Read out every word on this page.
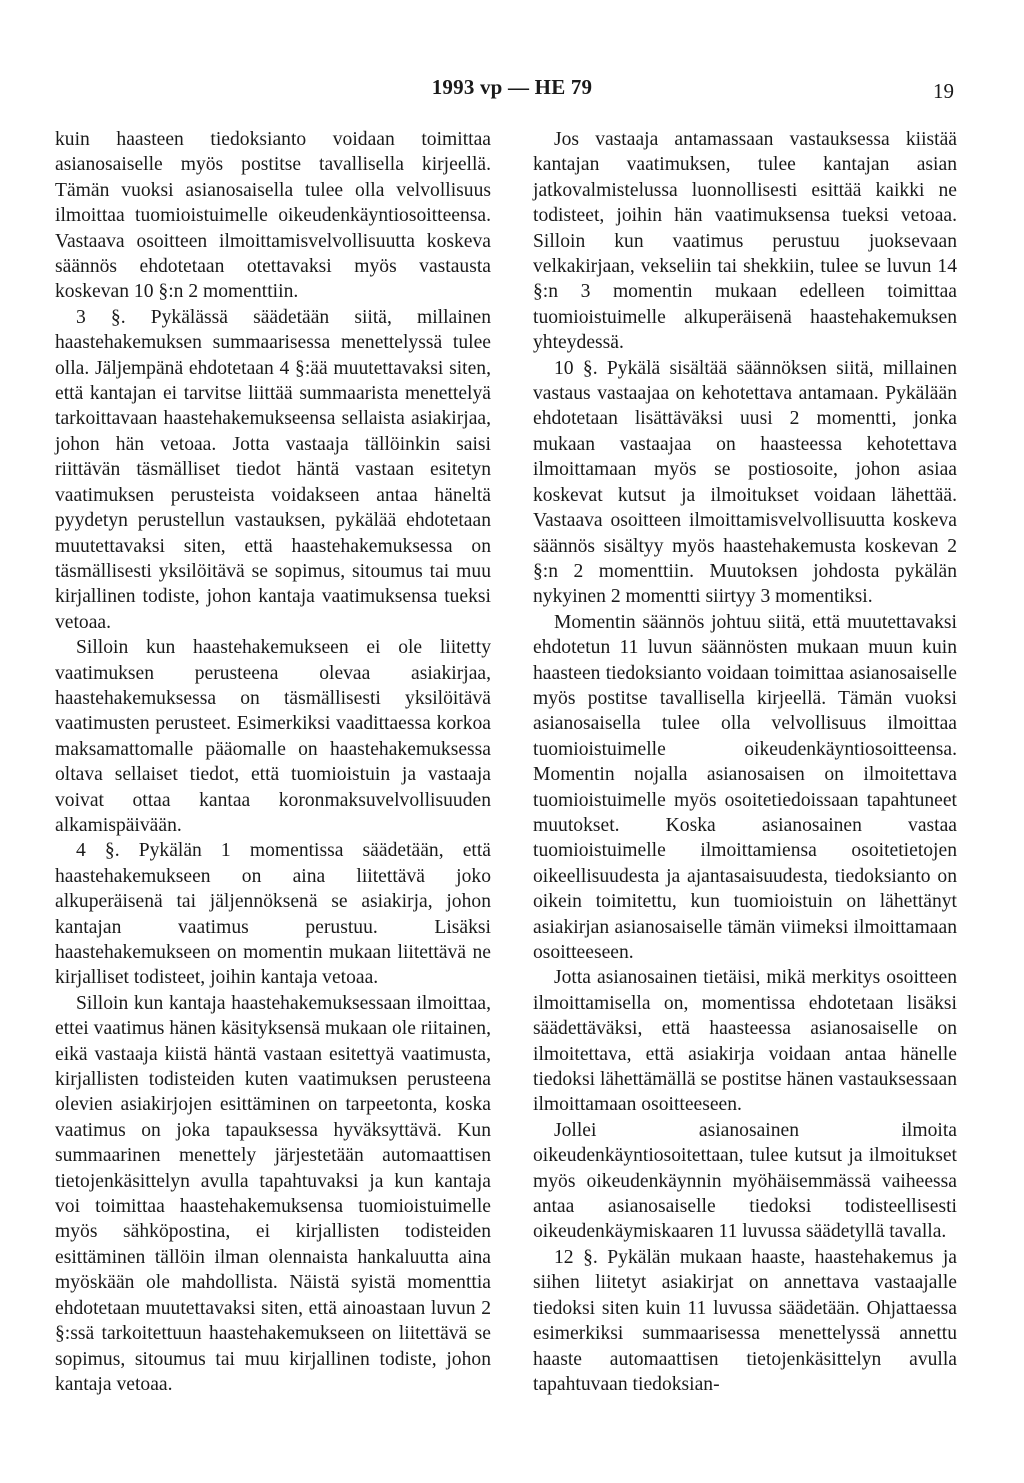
1993 vp — HE 79	19

kuin haasteen tiedoksianto voidaan toimittaa asianosaiselle myös postitse tavallisella kirjeellä. Tämän vuoksi asianosaisella tulee olla velvollisuus ilmoittaa tuomioistuimelle oikeudenkäyntiosoitteensa. Vastaava osoitteen ilmoittamisvelvollisuutta koskeva säännös ehdotetaan otettavaksi myös vastausta koskevan 10 §:n 2 momenttiin.

3 §. Pykälässä säädetään siitä, millainen haastehakemuksen summaarisessa menettelyssä tulee olla. Jäljempänä ehdotetaan 4 §:ää muutettavaksi siten, että kantajan ei tarvitse liittää summaarista menettelyä tarkoittavaan haastehakemukseensa sellaista asiakirjaa, johon hän vetoaa. Jotta vastaaja tällöinkin saisi riittävän täsmälliset tiedot häntä vastaan esitetyn vaatimuksen perusteista voidakseen antaa häneltä pyydetyn perustellun vastauksen, pykälää ehdotetaan muutettavaksi siten, että haastehakemuksessa on täsmällisesti yksilöitävä se sopimus, sitoumus tai muu kirjallinen todiste, johon kantaja vaatimuksensa tueksi vetoaa.

Silloin kun haastehakemukseen ei ole liitetty vaatimuksen perusteena olevaa asiakirjaa, haastehakemuksessa on täsmällisesti yksilöitävä vaatimusten perusteet. Esimerkiksi vaadittaessa korkoa maksamattomalle pääomalle on haastehakemuksessa oltava sellaiset tiedot, että tuomioistuin ja vastaaja voivat ottaa kantaa koronmaksuvelvollisuuden alkamispäivään.

4 §. Pykälän 1 momentissa säädetään, että haastehakemukseen on aina liitettävä joko alkuperäisenä tai jäljennöksenä se asiakirja, johon kantajan vaatimus perustuu. Lisäksi haastehakemukseen on momentin mukaan liitettävä ne kirjalliset todisteet, joihin kantaja vetoaa.

Silloin kun kantaja haastehakemuksessaan ilmoittaa, ettei vaatimus hänen käsityksensä mukaan ole riitainen, eikä vastaaja kiistä häntä vastaan esitettyä vaatimusta, kirjallisten todisteiden kuten vaatimuksen perusteena olevien asiakirjojen esittäminen on tarpeetonta, koska vaatimus on joka tapauksessa hyväksyttävä. Kun summaarinen menettely järjestetään automaattisen tietojenkäsittelyn avulla tapahtuvaksi ja kun kantaja voi toimittaa haastehakemuksensa tuomioistuimelle myös sähköpostina, ei kirjallisten todisteiden esittäminen tällöin ilman olennaista hankaluutta aina myöskään ole mahdollista. Näistä syistä momenttia ehdotetaan muutettavaksi siten, että ainoastaan luvun 2 §:ssä tarkoitettuun haastehakemukseen on liitettävä se sopimus, sitoumus tai muu kirjallinen todiste, johon kantaja vetoaa.

Jos vastaaja antamassaan vastauksessa kiistää kantajan vaatimuksen, tulee kantajan asian jatkovalmistelussa luonnollisesti esittää kaikki ne todisteet, joihin hän vaatimuksensa tueksi vetoaa. Silloin kun vaatimus perustuu juoksevaan velkakirjaan, vekseliin tai shekkiin, tulee se luvun 14 §:n 3 momentin mukaan edelleen toimittaa tuomioistuimelle alkuperäisenä haastehakemuksen yhteydessä.

10 §. Pykälä sisältää säännöksen siitä, millainen vastaus vastaajaa on kehotettava antamaan. Pykälään ehdotetaan lisättäväksi uusi 2 momentti, jonka mukaan vastaajaa on haasteessa kehotettava ilmoittamaan myös se postiosoite, johon asiaa koskevat kutsut ja ilmoitukset voidaan lähettää. Vastaava osoitteen ilmoittamisvelvollisuutta koskeva säännös sisältyy myös haastehakemusta koskevan 2 §:n 2 momenttiin. Muutoksen johdosta pykälän nykyinen 2 momentti siirtyy 3 momentiksi.

Momentin säännös johtuu siitä, että muutettavaksi ehdotetun 11 luvun säännösten mukaan muun kuin haasteen tiedoksianto voidaan toimittaa asianosaiselle myös postitse tavallisella kirjeellä. Tämän vuoksi asianosaisella tulee olla velvollisuus ilmoittaa tuomioistuimelle oikeudenkäyntiosoitteensa. Momentin nojalla asianosaisen on ilmoitettava tuomioistuimelle myös osoitetiedoissaan tapahtuneet muutokset. Koska asianosainen vastaa tuomioistuimelle ilmoittamiensa osoitetietojen oikeellisuudesta ja ajantasaisuudesta, tiedoksianto on oikein toimitettu, kun tuomioistuin on lähettänyt asiakirjan asianosaiselle tämän viimeksi ilmoittamaan osoitteeseen.

Jotta asianosainen tietäisi, mikä merkitys osoitteen ilmoittamisella on, momentissa ehdotetaan lisäksi säädettäväksi, että haasteessa asianosaiselle on ilmoitettava, että asiakirja voidaan antaa hänelle tiedoksi lähettämällä se postitse hänen vastauksessaan ilmoittamaan osoitteeseen.

Jollei asianosainen ilmoita oikeudenkäyntiosoitettaan, tulee kutsut ja ilmoitukset myös oikeudenkäynnin myöhäisemmässä vaiheessa antaa asianosaiselle tiedoksi todisteellisesti oikeudenkäymiskaaren 11 luvussa säädetyllä tavalla.

12 §. Pykälän mukaan haaste, haastehakemus ja siihen liitetyt asiakirjat on annettava vastaajalle tiedoksi siten kuin 11 luvussa säädetään. Ohjattaessa esimerkiksi summaarisessa menettelyssä annettu haaste automaattisen tietojenkäsittelyn avulla tapahtuvaan tiedoksian-
